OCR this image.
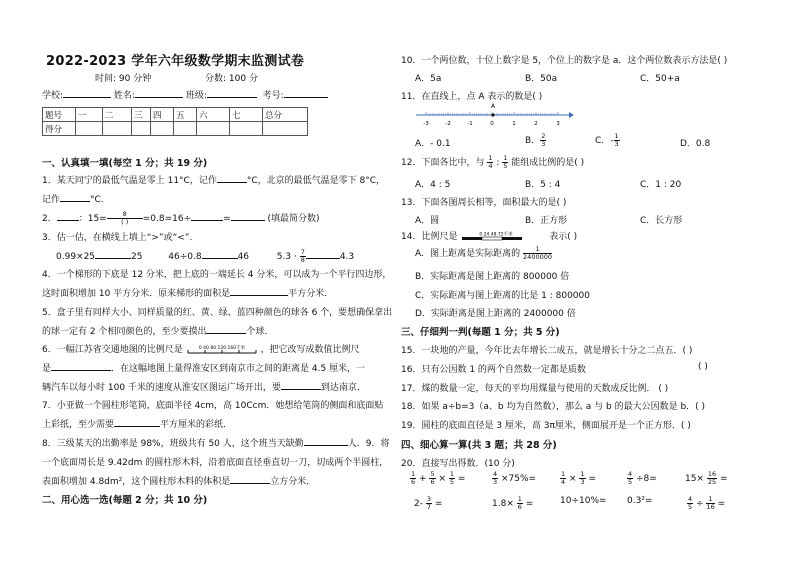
2022-2023 学年六年级数学期末监测试卷
时间: 90 分钟	分数: 100 分
学校:	姓名:	班级:	考号:
题号	一	二	三	四	五	六	七	总分
得分								
一、认真填一填(每空 1 分；共 19 分)
1．某天同宁的最低气温是零上 11°C，记作	°C，北京的最低气温是零下 8°C，
记作	°C.
2． ：$15= \frac{8}{( )} =0.8=16\div$	=	(填最简分数)
3．估一估，在横线上填上“>”或“<”.
0.99×25	25	46÷0.8	46	$5.3 \cdot \frac{7}{8}$	4.3
4．一个梯形的下底是 12 分米，把上底的一端延长 4 分米，可以成为一个平行四边形，
这时面积增加 10 平方分米．原来梯形的面积是	平方分米．
5．盒子里有同样大小、同样质量的红、黄、绿、蓝四种颜色的球各 6 个，要想确保拿出
的球一定有 2 个相同颜色的，至少要摸出	个球．
6．一幅江苏省交通地图的比例尺是	0 40 80 120 160千米 ，把它改写成数值比例尺
是	．在这幅地图上量得淮安区到南京市之间的距离是 4.5 厘米，一
辆汽车以每小时 100 千米的速度从淮安区图运广场开出，要	到达南京．
7．小亚做一个圆柱形笔筒，底面半径 4cm，高 10Ccm．她想给笔筒的侧面和底面贴
上彩纸，至少需要	平方厘米的彩纸．
8．三级某天的出勤率是 98%，班级共有 50 人，这个班当天缺勤	人．9．将
一个底面周长是 9.42dm 的圆柱形木料，沿着底面直径垂直切一刀，切成两个半圆柱，
表面积增加 4.8dm²，这个圆柱形木料的体积是	立方分米．
二、用心选一选(每题 2 分；共 10 分)
10．一个两位数，十位上数字是 5，个位上的数字是 a．这个两位数表示方法是( )
A．5a	B．50a	C．50+a
11．在直线上，点 A 表示的数是( )
-3	-2	-1	0	1	2	3
A
A．- 0.1	B． $\frac{2}{3}$	C．- $\frac{1}{3}$	D．0.8
12．下面各比中，与 $\frac{1}{4}$ : $\frac{1}{5}$ 能组成比例的是( )
A．4 : 5	B．5 : 4	C．1 : 20
13．下面各图周长相等，面积最大的是( )
A．圆	B．正方形	C．长方形
14．比例尺是	0 24 48 72千米	表示( )
A．图上距离是实际距离的 $\frac{1}{2400000}$
B．实际距离是图上距离的 800000 倍
C．实际距离与图上距离的比是 1 : 800000
D．实际距离是图上距离的 2400000 倍
三、仔细判一判(每题 1 分；共 5 分)
15．一块地的产量，今年比去年增长二成五，就是增长十分之二点五．( )
16．只有公因数 1 的两个自然数一定都是质数	( )
17．煤的数量一定，每天的平均用煤量与使用的天数成反比例． ( )
18．如果 a÷b=3（a、b 均为自然数），那么 a 与 b 的最大公因数是 b．( )
19．圆柱的底面直径是 3 厘米，高 3π厘米，侧面展开是一个正方形．( )
四、细心算一算(共 3 题；共 28 分)
20．直接写出得数．(10 分)
$\frac{1}{6} + \frac{5}{6} \times \frac{1}{5}$ =	$\frac{4}{3} \times 75\%=$	$\frac{1}{4} \times \frac{1}{3}$ =	$\frac{4}{5} \div 8=$	$15\times \frac{16}{25}$ =
$2- \frac{3}{7}$ =	$1.8\times \frac{1}{6}$ =	10÷10%= 0.3²=	$\frac{4}{5} \div \frac{1}{16}$ =
